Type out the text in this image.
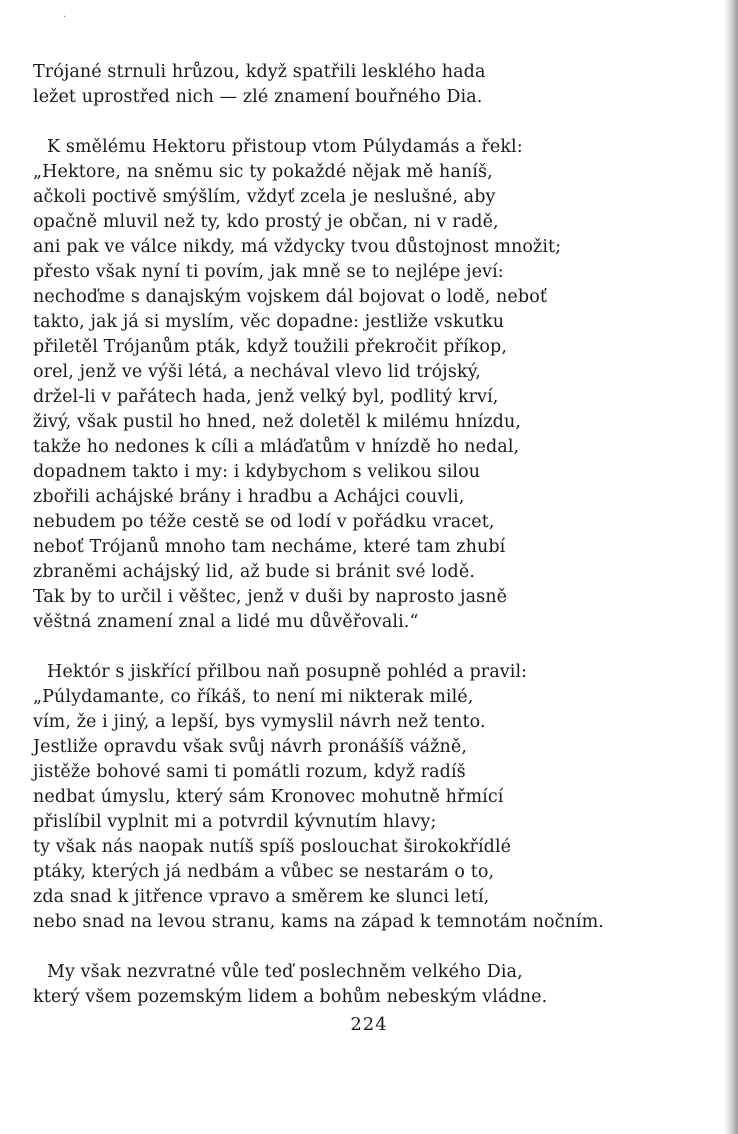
·
Trójané strnuli hrůzou, když spatřili lesklého hada
ležet uprostřed nich — zlé znamení bouřného Dia.
K smělému Hektoru přistoup vtom Púlydamás a řekl:
„Hektore, na sněmu sic ty pokaždé nějak mě haníš,
ačkoli poctivě smýšlím, vždyť zcela je neslušné, aby
opačně mluvil než ty, kdo prostý je občan, ni v radě,
ani pak ve válce nikdy, má vždycky tvou důstojnost množit;
přesto však nyní ti povím, jak mně se to nejlépe jeví:
nechoďme s danajským vojskem dál bojovat o lodě, neboť
takto, jak já si myslím, věc dopadne: jestliže vskutku
přiletěl Trójanům pták, když toužili překročit příkop,
orel, jenž ve výši létá, a nechával vlevo lid trójský,
držel-li v pařátech hada, jenž velký byl, podlitý krví,
živý, však pustil ho hned, než doletěl k milému hnízdu,
takže ho nedones k cíli a mláďatům v hnízdě ho nedal,
dopadnem takto i my: i kdybychom s velikou silou
zbořili achájské brány i hradbu a Achájci couvli,
nebudem po téže cestě se od lodí v pořádku vracet,
neboť Trójanů mnoho tam necháme, které tam zhubí
zbraněmi achájský lid, až bude si bránit své lodě.
Tak by to určil i věštec, jenž v duši by naprosto jasně
věštná znamení znal a lidé mu důvěřovali.“
Hektór s jiskřící přilbou naň posupně pohléd a pravil:
„Púlydamante, co říkáš, to není mi nikterak milé,
vím, že i jiný, a lepší, bys vymyslil návrh než tento.
Jestliže opravdu však svůj návrh pronášíš vážně,
jistěže bohové sami ti pomátli rozum, když radíš
nedbat úmyslu, který sám Kronovec mohutně hřmící
přislíbil vyplnit mi a potvrdil kývnutím hlavy;
ty však nás naopak nutíš spíš poslouchat širokokřídlé
ptáky, kterých já nedbám a vůbec se nestarám o to,
zda snad k jitřence vpravo a směrem ke slunci letí,
nebo snad na levou stranu, kams na západ k temnotám nočním.
My však nezvratné vůle teď poslechněm velkého Dia,
který všem pozemským lidem a bohům nebeským vládne.
224
